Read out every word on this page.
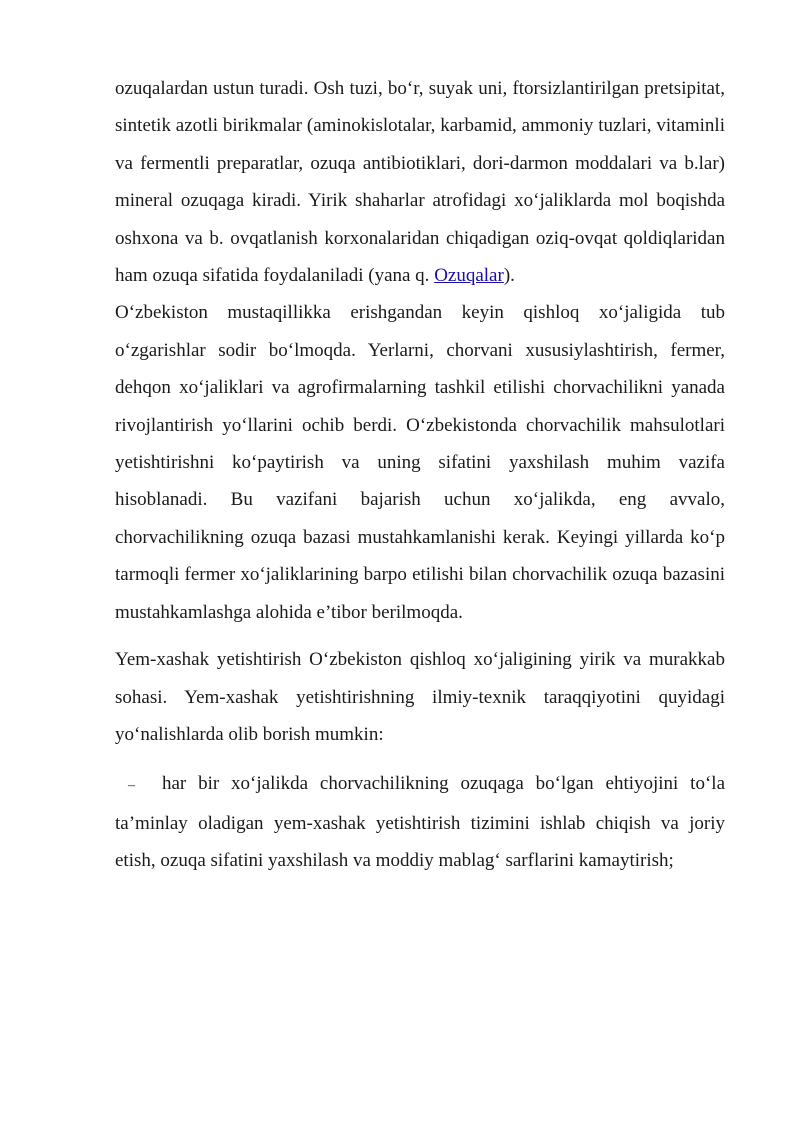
ozuqalardan ustun turadi. Osh tuzi, bo‘r, suyak uni, ftorsizlantirilgan pretsipitat, sintetik azotli birikmalar (aminokislotalar, karbamid, ammoniy tuzlari, vitaminli va fermentli preparatlar, ozuqa antibiotiklari, dori-darmon moddalari va b.lar) mineral ozuqaga kiradi. Yirik shaharlar atrofidagi xo‘jaliklarda mol boqishda oshxona va b. ovqatlanish korxonalaridan chiqadigan oziq-ovqat qoldiqlaridan ham ozuqa sifatida foydalaniladi (yana q. Ozuqalar).

O‘zbekiston mustaqillikka erishgandan keyin qishloq xo‘jaligida tub o‘zgarishlar sodir bo‘lmoqda. Yerlarni, chorvani xususiylashtirish, fermer, dehqon xo‘jaliklari va agrofirmalarning tashkil etilishi chorvachilikni yanada rivojlantirish yo‘llarini ochib berdi. O‘zbekistonda chorvachilik mahsulotlari yetishtirishni ko‘paytirish va uning sifatini yaxshilash muhim vazifa hisoblanadi. Bu vazifani bajarish uchun xo‘jalikda, eng avvalo, chorvachilikning ozuqa bazasi mustahkamlanishi kerak. Keyingi yillarda ko‘p tarmoqli fermer xo‘jaliklarining barpo etilishi bilan chorvachilik ozuqa bazasini mustahkamlashga alohida e’tibor berilmoqda.

Yem-xashak yetishtirish O‘zbekiston qishloq xo‘jaligining yirik va murakkab sohasi. Yem-xashak yetishtirishning ilmiy-texnik taraqqiyotini quyidagi yo‘nalishlarda olib borish mumkin:

– har bir xo‘jalikda chorvachilikning ozuqaga bo‘lgan ehtiyojini to‘la ta’minlay oladigan yem-xashak yetishtirish tizimini ishlab chiqish va joriy etish, ozuqa sifatini yaxshilash va moddiy mablag‘ sarflarini kamaytirish;
